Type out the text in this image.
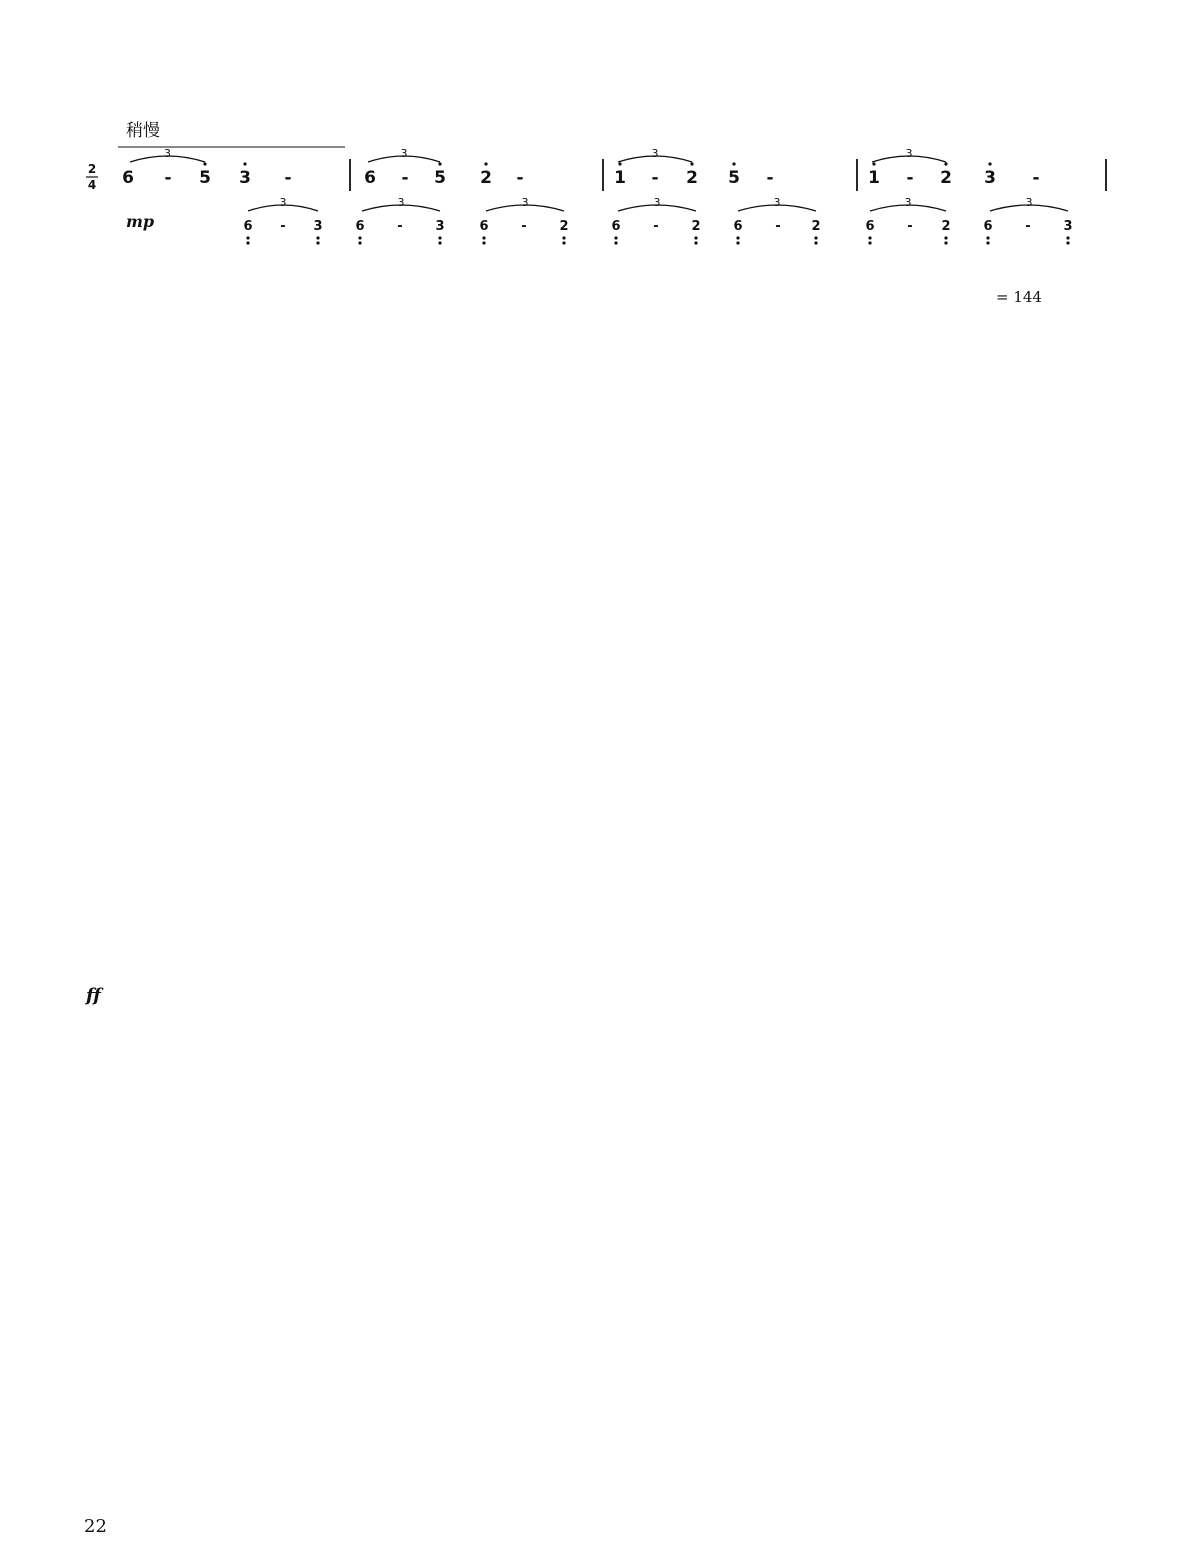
稍慢
mp
ff
= 144
22
6 - 5 3 -	6 - 5 2 -	1 - 2 5 -	1 - 2 3 -
6 - 3	6	-	3	6	-	2	6	-	2	6	- 2	6	- 2	6	-	3
3	3	3	3
3	3	3	3	3	3	3
2
4
